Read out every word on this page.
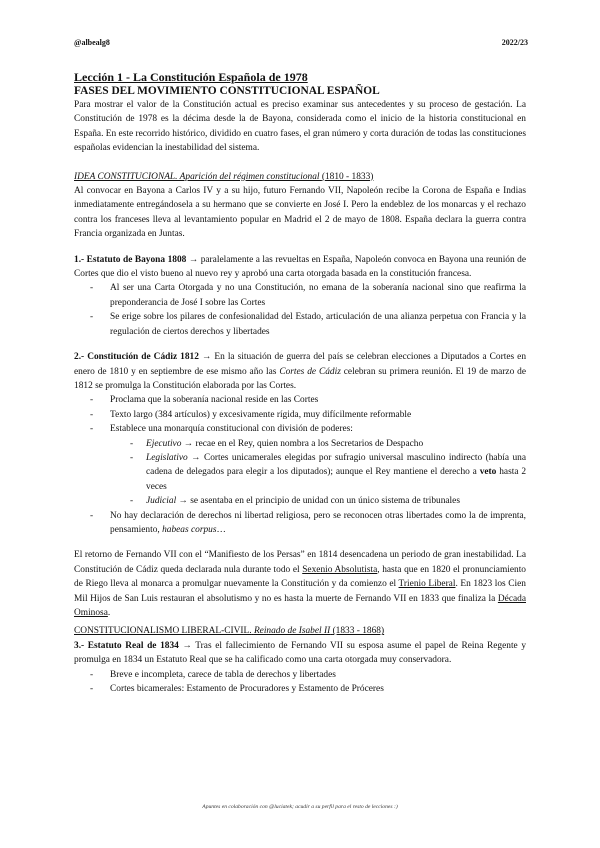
@albealg8	2022/23

Lección 1 - La Constitución Española de 1978

FASES DEL MOVIMIENTO CONSTITUCIONAL ESPAÑOL

Para mostrar el valor de la Constitución actual es preciso examinar sus antecedentes y su proceso de gestación. La Constitución de 1978 es la décima desde la de Bayona, considerada como el inicio de la historia constitucional en España. En este recorrido histórico, dividido en cuatro fases, el gran número y corta duración de todas las constituciones españolas evidencian la inestabilidad del sistema.

IDEA CONSTITUCIONAL. Aparición del régimen constitucional (1810 - 1833)

Al convocar en Bayona a Carlos IV y a su hijo, futuro Fernando VII, Napoleón recibe la Corona de España e Indias inmediatamente entregándosela a su hermano que se convierte en José I. Pero la endeblez de los monarcas y el rechazo contra los franceses lleva al levantamiento popular en Madrid el 2 de mayo de 1808. España declara la guerra contra Francia organizada en Juntas.

1.- Estatuto de Bayona 1808 → paralelamente a las revueltas en España, Napoleón convoca en Bayona una reunión de Cortes que dio el visto bueno al nuevo rey y aprobó una carta otorgada basada en la constitución francesa.

- Al ser una Carta Otorgada y no una Constitución, no emana de la soberanía nacional sino que reafirma la preponderancia de José I sobre las Cortes
- Se erige sobre los pilares de confesionalidad del Estado, articulación de una alianza perpetua con Francia y la regulación de ciertos derechos y libertades

2.- Constitución de Cádiz 1812 → En la situación de guerra del país se celebran elecciones a Diputados a Cortes en enero de 1810 y en septiembre de ese mismo año las Cortes de Cádiz celebran su primera reunión. El 19 de marzo de 1812 se promulga la Constitución elaborada por las Cortes.

- Proclama que la soberanía nacional reside en las Cortes
- Texto largo (384 artículos) y excesivamente rígida, muy difícilmente reformable
- Establece una monarquía constitucional con división de poderes:
- Ejecutivo → recae en el Rey, quien nombra a los Secretarios de Despacho
- Legislativo → Cortes unicamerales elegidas por sufragio universal masculino indirecto (había una cadena de delegados para elegir a los diputados); aunque el Rey mantiene el derecho a veto hasta 2 veces
- Judicial → se asentaba en el principio de unidad con un único sistema de tribunales
- No hay declaración de derechos ni libertad religiosa, pero se reconocen otras libertades como la de imprenta, pensamiento, habeas corpus…

El retorno de Fernando VII con el “Manifiesto de los Persas” en 1814 desencadena un periodo de gran inestabilidad. La Constitución de Cádiz queda declarada nula durante todo el Sexenio Absolutista, hasta que en 1820 el pronunciamiento de Riego lleva al monarca a promulgar nuevamente la Constitución y da comienzo el Trienio Liberal. En 1823 los Cien Mil Hijos de San Luis restauran el absolutismo y no es hasta la muerte de Fernando VII en 1833 que finaliza la Década Ominosa.

CONSTITUCIONALISMO LIBERAL-CIVIL. Reinado de Isabel II (1833 - 1868)

3.- Estatuto Real de 1834 → Tras el fallecimiento de Fernando VII su esposa asume el papel de Reina Regente y promulga en 1834 un Estatuto Real que se ha calificado como una carta otorgada muy conservadora.

- Breve e incompleta, carece de tabla de derechos y libertades
- Cortes bicamerales: Estamento de Procuradores y Estamento de Próceres
Apuntes en colaboración con @luciatek; acudir a su perfil para el resto de lecciones :)
